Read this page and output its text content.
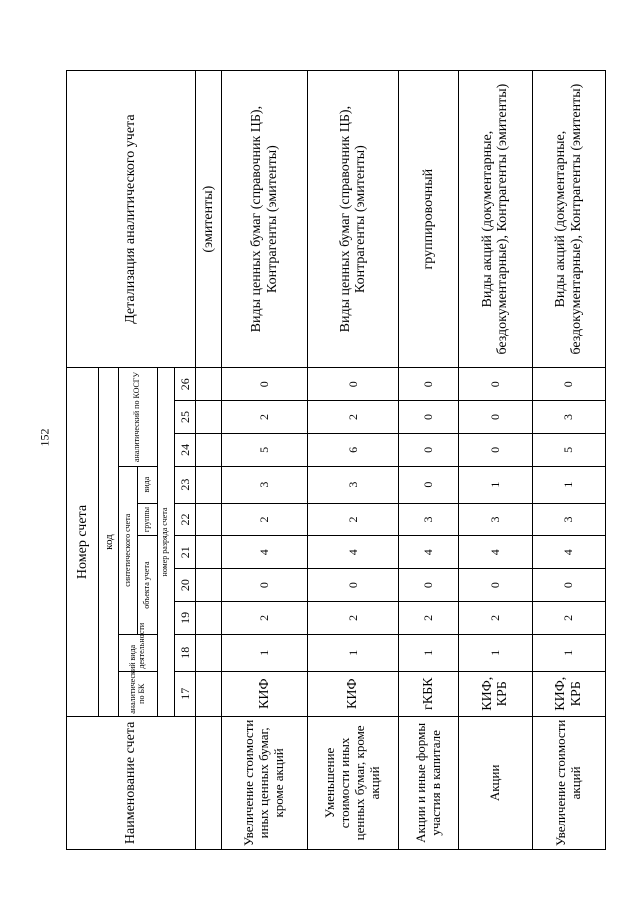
152
Наименование счета	Номер счета										Детализация аналитического учета
	код										
	аналитический по БК	вида деятельности	синтетического счета					аналитический по КОСГУ			
			объекта учета			группы	вида				
	номер разряда счета										
	17	18	19	20	21	22	23	24	25	26	
											(эмитенты)
Увеличение стоимости иных ценных бумаг, кроме акций	КИФ	1	2	0	4	2	3	5	2	0	Виды ценных бумаг (справочник ЦБ), Контрагенты (эмитенты)
Уменьшение стоимости иных ценных бумаг, кроме акций	КИФ	1	2	0	4	2	3	6	2	0	Виды ценных бумаг (справочник ЦБ), Контрагенты (эмитенты)
Акции и иные формы участия в капитале	гКБК	1	2	0	4	3	0	0	0	0	группировочный
Акции	КИФ, КРБ	1	2	0	4	3	1	0	0	0	Виды акций (документарные, бездокументарные), Контрагенты (эмитенты)
Увеличение стоимости акций	КИФ, КРБ	1	2	0	4	3	1	5	3	0	Виды акций (документарные, бездокументарные), Контрагенты (эмитенты)
